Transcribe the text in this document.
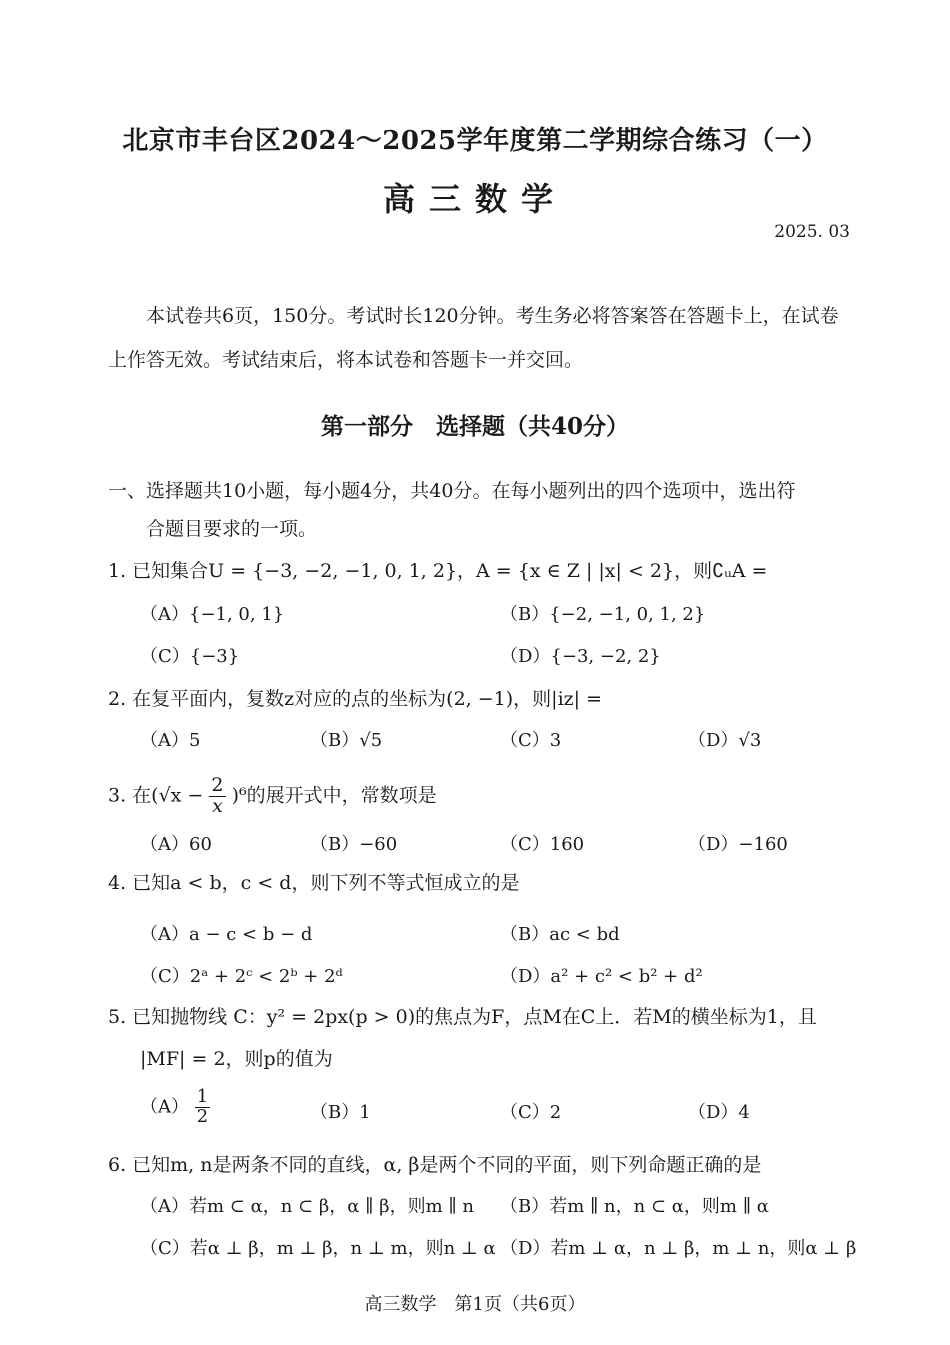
北京市丰台区2024～2025学年度第二学期综合练习（一）
高三数学
2025. 03
本试卷共6页，150分。考试时长120分钟。考生务必将答案答在答题卡上，在试卷上作答无效。考试结束后，将本试卷和答题卡一并交回。
第一部分　选择题（共40分）
一、选择题共10小题，每小题4分，共40分。在每小题列出的四个选项中，选出符
合题目要求的一项。
1. 已知集合U = {−3, −2, −1, 0, 1, 2}，A = {x ∈ Z | |x| < 2}，则∁ᵤA =
（A）{−1, 0, 1}	（B）{−2, −1, 0, 1, 2}
（C）{−3}	（D）{−3, −2, 2}
2. 在复平面内，复数z对应的点的坐标为(2, −1)，则|iz| =
（A）5	（B）√5	（C）3	（D）√3
3. 在$(√x - \frac{2}{x} )^6$的展开式中，常数项是
（A）60	（B）−60	（C）160	（D）−160
4. 已知a < b，c < d，则下列不等式恒成立的是
（A）a − c < b − d	（B）ac < bd
（C）2ᵃ + 2ᶜ < 2ᵇ + 2ᵈ	（D）a² + c² < b² + d²
5. 已知抛物线 C：y² = 2px(p > 0)的焦点为F，点M在C上．若M的横坐标为1，且
|MF| = 2，则p的值为
$(A) \frac{1}{2}$	（B）1	（C）2	（D）4
6. 已知m, n是两条不同的直线，α, β是两个不同的平面，则下列命题正确的是
（A）若m ⊂ α，n ⊂ β，α ∥ β，则m ∥ n （B）若m ∥ n，n ⊂ α，则m ∥ α
（C）若α ⊥ β，m ⊥ β，n ⊥ m，则n ⊥ α （D）若m ⊥ α，n ⊥ β，m ⊥ n，则α ⊥ β
高三数学　第1页（共6页）
